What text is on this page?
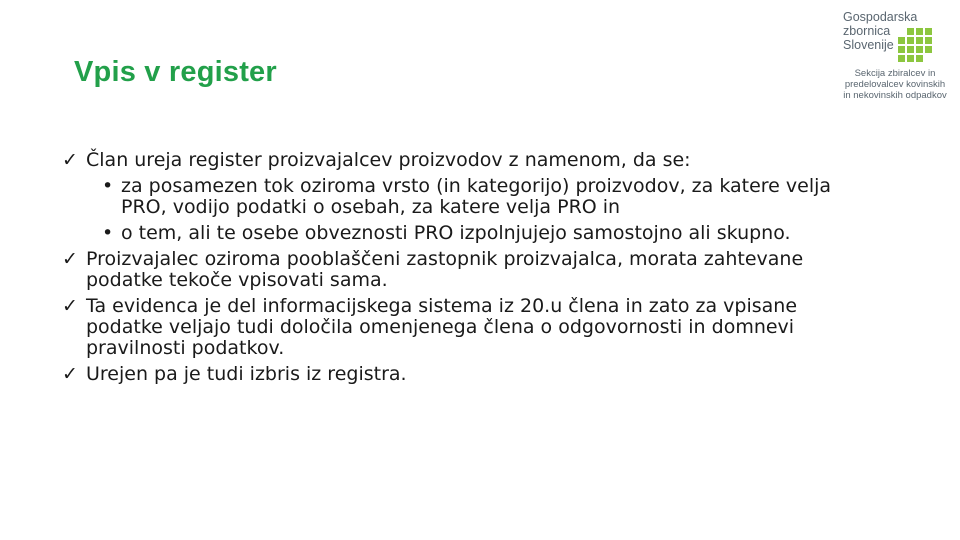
Vpis v register
Gospodarska
zbornica
Slovenije
Sekcija zbiralcev in
predelovalcev kovinskih
in nekovinskih odpadkov
✓ Član ureja register proizvajalcev proizvodov z namenom, da se:
• za posamezen tok oziroma vrsto (in kategorijo) proizvodov, za katere velja PRO, vodijo podatki o osebah, za katere velja PRO in
• o tem, ali te osebe obveznosti PRO izpolnjujejo samostojno ali skupno.
✓ Proizvajalec oziroma pooblaščeni zastopnik proizvajalca, morata zahtevane podatke tekoče vpisovati sama.
✓ Ta evidenca je del informacijskega sistema iz 20.u člena in zato za vpisane podatke veljajo tudi določila omenjenega člena o odgovornosti in domnevi pravilnosti podatkov.
✓ Urejen pa je tudi izbris iz registra.
